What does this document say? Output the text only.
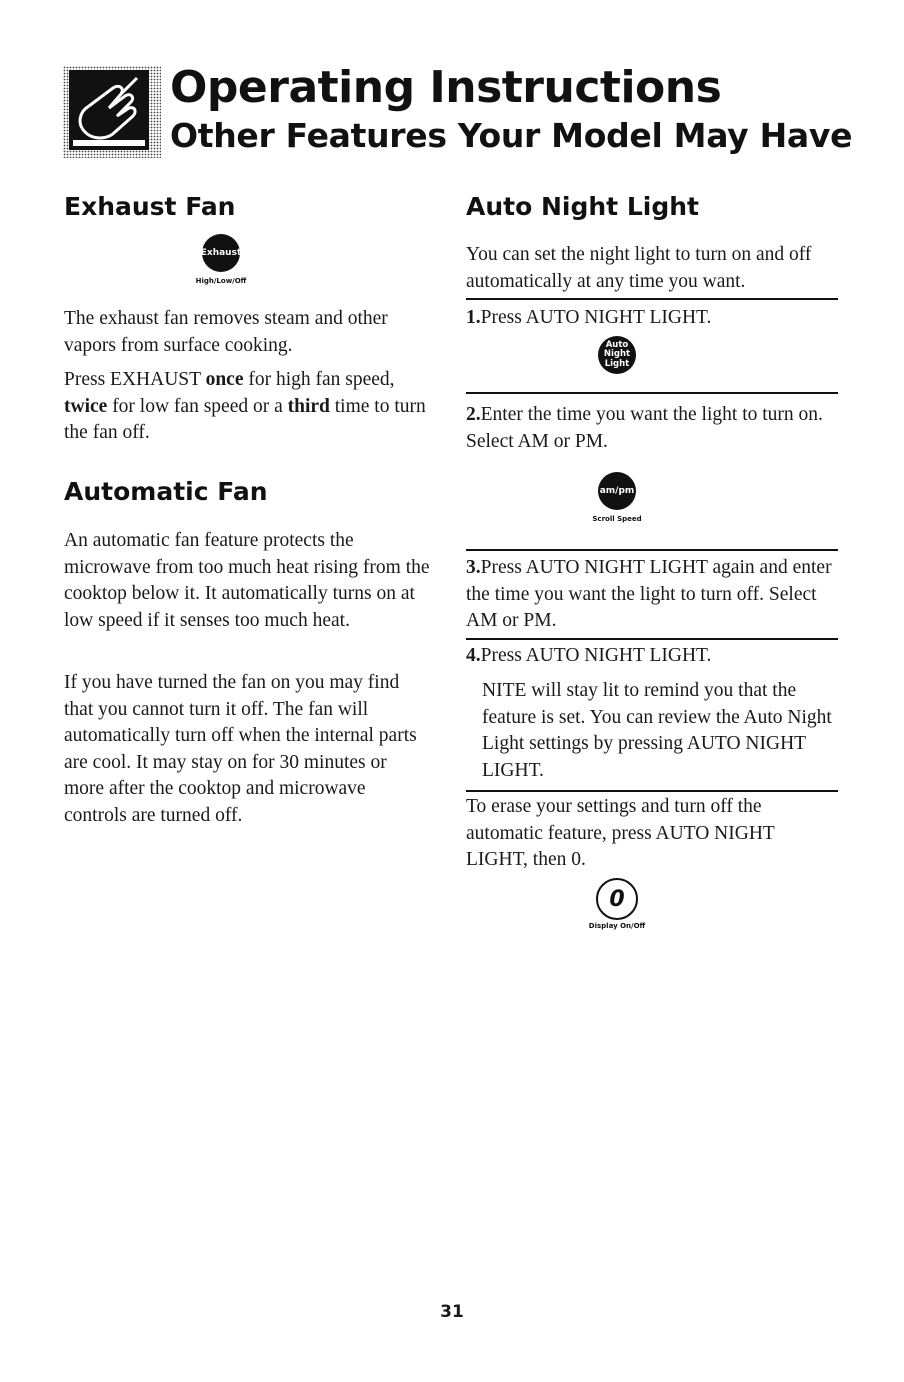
Operating Instructions
Other Features Your Model May Have
Exhaust Fan
Exhaust
High/Low/Off
The exhaust fan removes steam and other vapors from surface cooking.
Press EXHAUST once for high fan speed, twice for low fan speed or a third time to turn the fan off.
Automatic Fan
An automatic fan feature protects the microwave from too much heat rising from the cooktop below it. It automatically turns on at low speed if it senses too much heat.
If you have turned the fan on you may find that you cannot turn it off. The fan will automatically turn off when the internal parts are cool. It may stay on for 30 minutes or more after the cooktop and microwave controls are turned off.
Auto Night Light
You can set the night light to turn on and off automatically at any time you want.
1.Press AUTO NIGHT LIGHT.
Auto
Night
Light
2.Enter the time you want the light to turn on. Select AM or PM.
am/pm
Scroll Speed
3.Press AUTO NIGHT LIGHT again and enter the time you want the light to turn off. Select AM or PM.
4.Press AUTO NIGHT LIGHT.
NITE will stay lit to remind you that the feature is set. You can review the Auto Night Light settings by pressing AUTO NIGHT LIGHT.
To erase your settings and turn off the automatic feature, press AUTO NIGHT LIGHT, then 0.
0
Display On/Off
31
